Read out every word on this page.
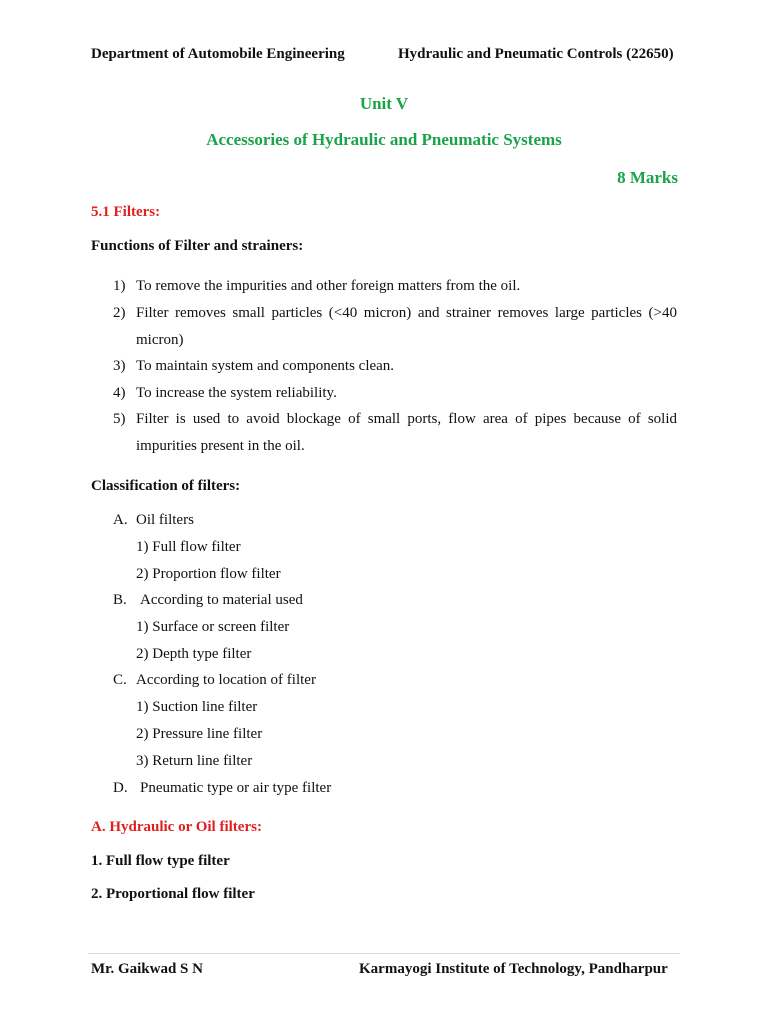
Department of Automobile Engineering	Hydraulic and Pneumatic Controls (22650)
Unit V
Accessories of Hydraulic and Pneumatic Systems
8 Marks
5.1 Filters:
Functions of Filter and strainers:
1) To remove the impurities and other foreign matters from the oil.
2) Filter removes small particles (<40 micron) and strainer removes large particles (>40
micron)
3) To maintain system and components clean.
4) To increase the system reliability.
5) Filter is used to avoid blockage of small ports, flow area of pipes because of solid
impurities present in the oil.
Classification of filters:
A. Oil filters
1) Full flow filter
2) Proportion flow filter
B. According to material used
1) Surface or screen filter
2) Depth type filter
C. According to location of filter
1) Suction line filter
2) Pressure line filter
3) Return line filter
D. Pneumatic type or air type filter
A. Hydraulic or Oil filters:
1. Full flow type filter
2. Proportional flow filter
Mr. Gaikwad S N	Karmayogi Institute of Technology, Pandharpur
